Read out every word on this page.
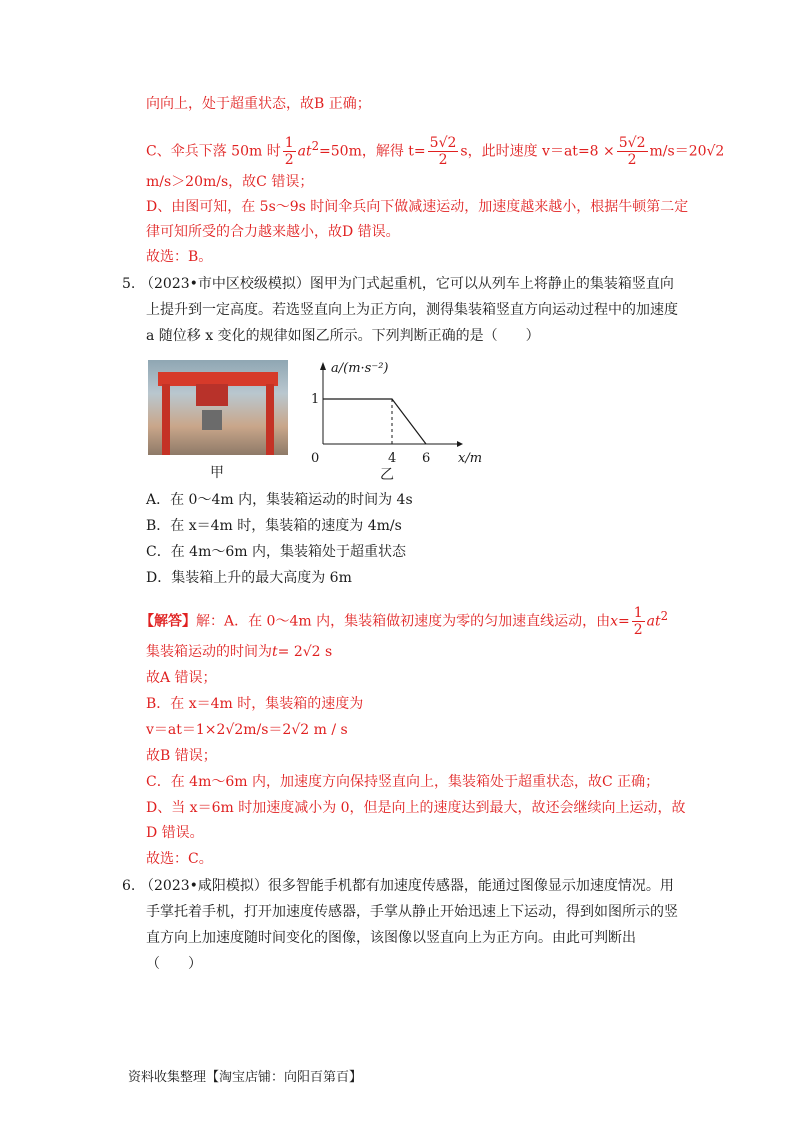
向向上，处于超重状态，故B 正确；
C、伞兵下落 50m 时 $\frac{1}{2} at^2=50m$，解得 $t= \frac{5√2}{2}$ s，此时速度 $v=at=8 \times \frac{5√2}{2} m/s=20√2$
m/s＞20m/s，故C 错误；
D、由图可知，在 5s～9s 时间伞兵向下做减速运动，加速度越来越小，根据牛顿第二定
律可知所受的合力越来越小，故D 错误。
故选：B。
5. （2023•市中区校级模拟）图甲为门式起重机，它可以从列车上将静止的集装箱竖直向
上提升到一定高度。若选竖直向上为正方向，测得集装箱竖直方向运动过程中的加速度
a 随位移 x 变化的规律如图乙所示。下列判断正确的是（　　）
甲
a/(m·s⁻²)
1
0	4 6 x/m
乙
A．在 0～4m 内，集装箱运动的时间为 4s
B．在 x＝4m 时，集装箱的速度为 4m/s
C．在 4m～6m 内，集装箱处于超重状态
D．集装箱上升的最大高度为 6m
【解答】解：A．在 0～4m 内，集装箱做初速度为零的匀加速直线运动，由$x= \frac{1}{2} at^2$
集装箱运动的时间为t= 2√2 s
故A 错误；
B．在 x＝4m 时，集装箱的速度为
v＝at＝1×2√2m/s＝2√2 m / s
故B 错误；
C．在 4m～6m 内，加速度方向保持竖直向上，集装箱处于超重状态，故C 正确；
D、当 x＝6m 时加速度减小为 0，但是向上的速度达到最大，故还会继续向上运动，故
D 错误。
故选：C。
6. （2023•咸阳模拟）很多智能手机都有加速度传感器，能通过图像显示加速度情况。用
手掌托着手机，打开加速度传感器，手掌从静止开始迅速上下运动，得到如图所示的竖
直方向上加速度随时间变化的图像，该图像以竖直向上为正方向。由此可判断出
（　　）
资料收集整理【淘宝店铺：向阳百第百】
